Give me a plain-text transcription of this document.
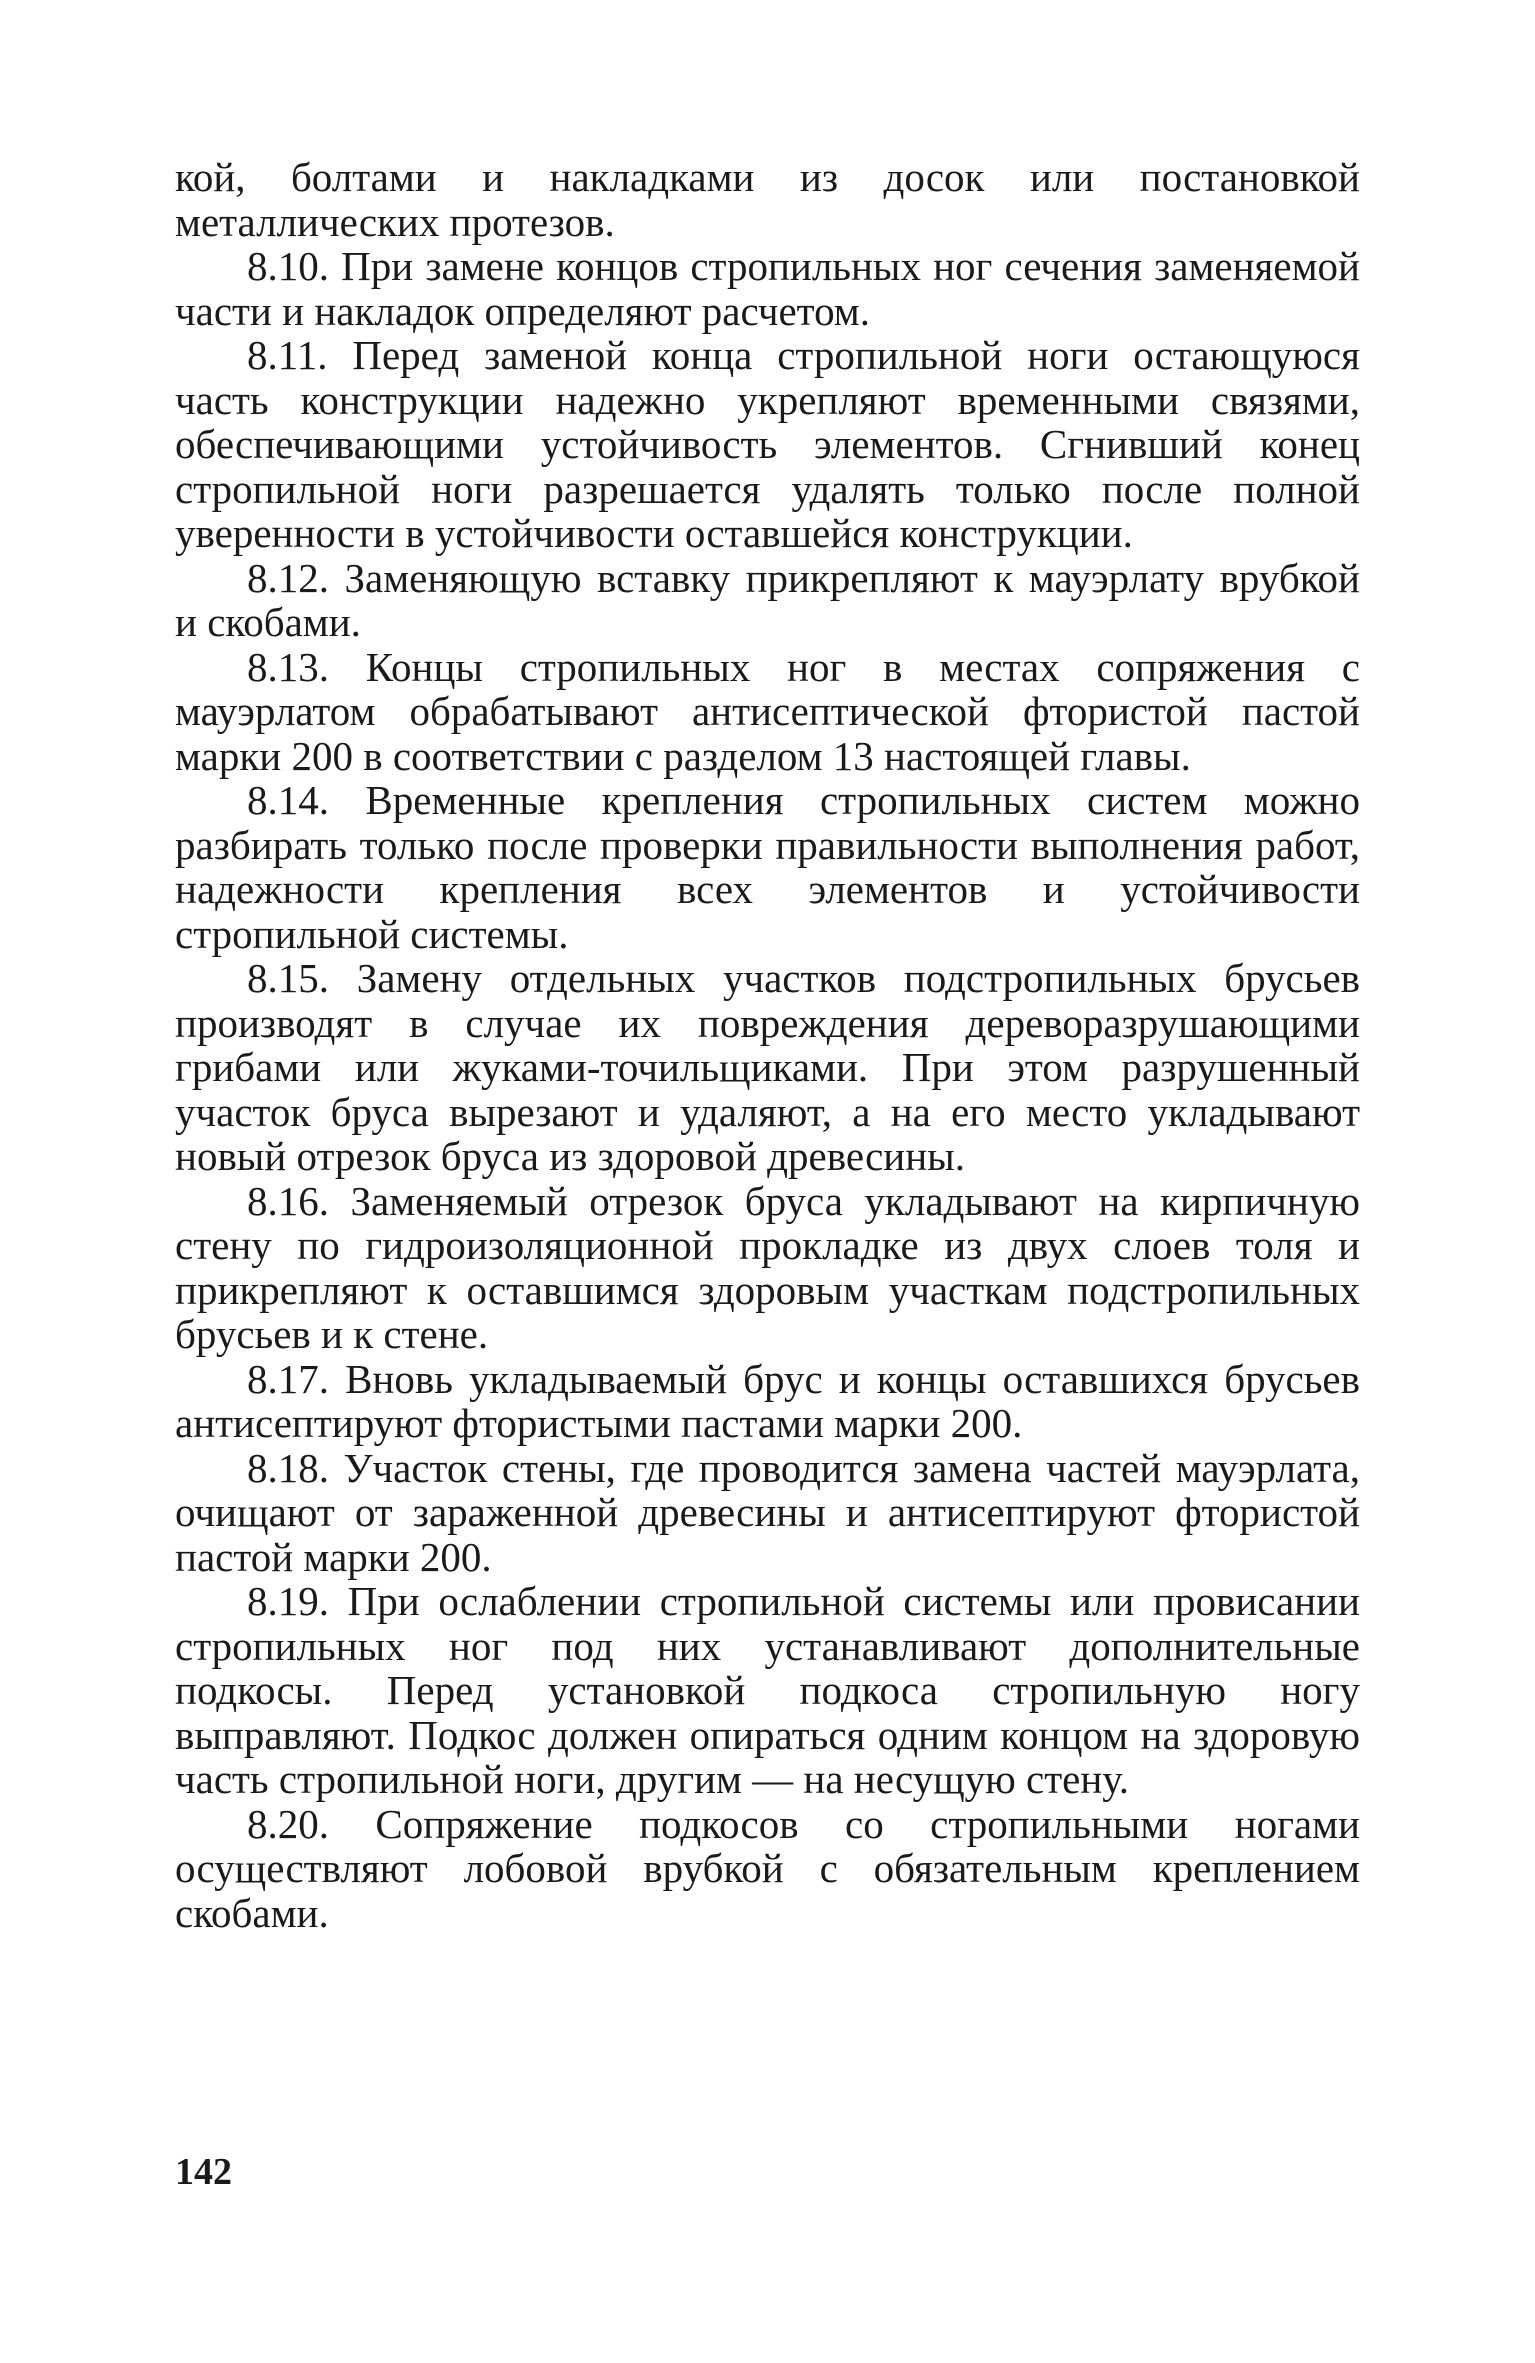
кой, болтами и накладками из досок или постановкой металлических протезов.

8.10. При замене концов стропильных ног сечения заменяемой части и накладок определяют расчетом.

8.11. Перед заменой конца стропильной ноги остающуюся часть конструкции надежно укрепляют временными связями, обеспечивающими устойчивость элементов. Сгнивший конец стропильной ноги разрешается удалять только после полной уверенности в устойчивости оставшейся конструкции.

8.12. Заменяющую вставку прикрепляют к мауэрлату врубкой и скобами.

8.13. Концы стропильных ног в местах сопряжения с мауэрлатом обрабатывают антисептической фтористой пастой марки 200 в соответствии с разделом 13 настоящей главы.

8.14. Временные крепления стропильных систем можно разбирать только после проверки правильности выполнения работ, надежности крепления всех элементов и устойчивости стропильной системы.

8.15. Замену отдельных участков подстропильных брусьев производят в случае их повреждения дереворазрушающими грибами или жуками-точильщиками. При этом разрушенный участок бруса вырезают и удаляют, а на его место укладывают новый отрезок бруса из здоровой древесины.

8.16. Заменяемый отрезок бруса укладывают на кирпичную стену по гидроизоляционной прокладке из двух слоев толя и прикрепляют к оставшимся здоровым участкам подстропильных брусьев и к стене.

8.17. Вновь укладываемый брус и концы оставшихся брусьев антисептируют фтористыми пастами марки 200.

8.18. Участок стены, где проводится замена частей мауэрлата, очищают от зараженной древесины и антисептируют фтористой пастой марки 200.

8.19. При ослаблении стропильной системы или провисании стропильных ног под них устанавливают дополнительные подкосы. Перед установкой подкоса стропильную ногу выправляют. Подкос должен опираться одним концом на здоровую часть стропильной ноги, другим — на несущую стену.

8.20. Сопряжение подкосов со стропильными ногами осуществляют лобовой врубкой с обязательным креплением скобами.

142
